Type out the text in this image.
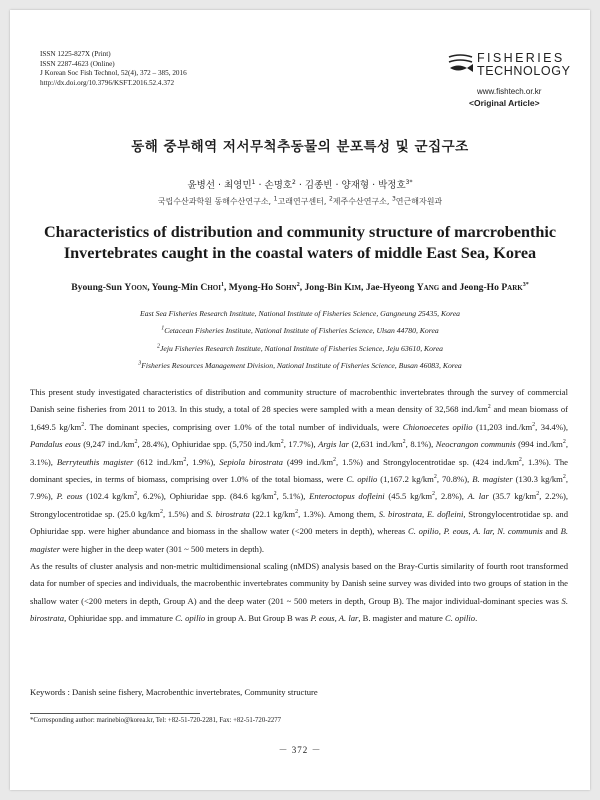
ISSN 1225-827X (Print)
ISSN 2287-4623 (Online)
J Korean Soc Fish Technol, 52(4), 372 – 385, 2016
http://dx.doi.org/10.3796/KSFT.2016.52.4.372
FISHERIES
TECHNOLOGY
www.fishtech.or.kr
<Original Article>
동해 중부해역 저서무척추동물의 분포특성 및 군집구조
윤병선 · 최영민$^1$ · 손명호$^2$ · 김종빈 · 양재형 · 박정호$^{3*}$
국립수산과학원 동해수산연구소, $^1$고래연구센터, $^2$제주수산연구소, $^3$연근해자원과
Characteristics of distribution and community structure of marcrobenthic
Invertebrates caught in the coastal waters of middle East Sea, Korea
Byoung-Sun Yoon, Young-Min Choi$^1$, Myong-Ho Sohn$^2$, Jong-Bin Kim, Jae-Hyeong Yang and Jeong-Ho Park$^{3*}$
East Sea Fisheries Research Institute, National Institute of Fisheries Science, Gangneung 25435, Korea
$^1$Cetacean Fisheries Institute, National Institute of Fisheries Science, Ulsan 44780, Korea
$^2$Jeju Fisheries Research Institute, National Institute of Fisheries Science, Jeju 63610, Korea
$^3$Fisheries Resources Management Division, National Institute of Fisheries Science, Busan 46083, Korea

This present study investigated characteristics of distribution and community structure of macrobenthic invertebrates through the survey of commercial Danish seine fisheries from 2011 to 2013. In this study, a total of 28 species were sampled with a mean density of 32,568 $ind./km^2$ and mean biomass of 1,649.5 $kg/km^2$. The dominant species, comprising over 1.0% of the total number of individuals, were Chionoecetes opilio (11,203 $ind./km^2$, 34.4%), Pandalus eous (9,247 $ind./km^2$, 28.4%), Ophiuridae spp. (5,750 $ind./km^2$, 17.7%), Argis lar (2,631 $ind./km^2$, 8.1%), Neocrangon communis (994 $ind./km^2$, 3.1%), Berryteuthis magister (612 $ind./km^2$, 1.9%), Sepiola birostrata (499 $ind./km^2$, 1.5%) and Strongylocentrotidae sp. (424 $ind./km^2$, 1.3%). The dominant species, in terms of biomass, comprising over 1.0% of the total biomass, were C. opilio (1,167.2 $kg/km^2$, 70.8%), B. magister (130.3 $kg/km^2$, 7.9%), P. eous (102.4 $kg/km^2$, 6.2%), Ophiuridae spp. (84.6 $kg/km^2$, 5.1%), Enteroctopus dofleini (45.5 $kg/km^2$, 2.8%), A. lar (35.7 $kg/km^2$, 2.2%), Strongylocentrotidae sp. (25.0 $kg/km^2$, 1.5%) and S. birostrata (22.1 $kg/km^2$, 1.3%). Among them, S. birostrata, E. dofleini, Strongylocentrotidae sp. and Ophiuridae spp. were higher abundance and biomass in the shallow water (<200 meters in depth), whereas C. opilio, P. eous, A. lar, N. communis and B. magister were higher in the deep water (301 ~ 500 meters in depth).

As the results of cluster analysis and non-metric multidimensional scaling (nMDS) analysis based on the Bray-Curtis similarity of fourth root transformed data for number of species and individuals, the macrobenthic invertebrates community by Danish seine survey was divided into two groups of station in the shallow water (<200 meters in depth, Group A) and the deep water (201 ~ 500 meters in depth, Group B). The major individual-dominant species was S. birostrata, Ophiuridae spp. and immature C. opilio in group A. But Group B was P. eous, A. lar, B. magister and mature C. opilio.

Keywords : Danish seine fishery, Macrobenthic invertebrates, Community structure
*Corresponding author: marinebio@korea.kr, Tel: +82-51-720-2281, Fax: +82-51-720-2277
－ 372 －
